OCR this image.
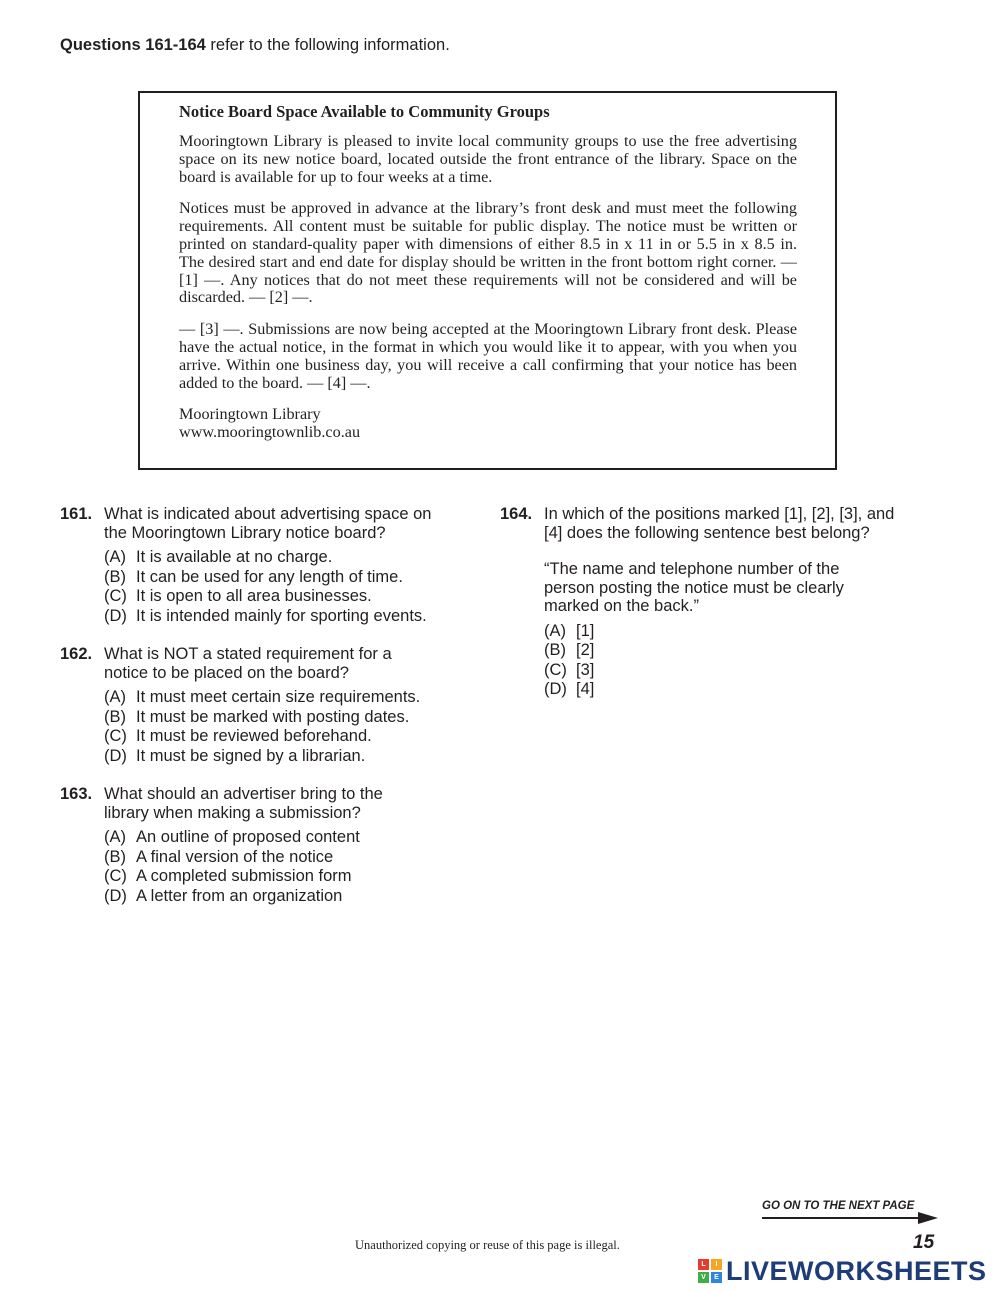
Questions 161-164 refer to the following information.
Notice Board Space Available to Community Groups

Mooringtown Library is pleased to invite local community groups to use the free advertising space on its new notice board, located outside the front entrance of the library. Space on the board is available for up to four weeks at a time.

Notices must be approved in advance at the library’s front desk and must meet the following requirements. All content must be suitable for public display. The notice must be written or printed on standard-quality paper with dimensions of either 8.5 in x 11 in or 5.5 in x 8.5 in. The desired start and end date for display should be written in the front bottom right corner. — [1] —. Any notices that do not meet these requirements will not be considered and will be discarded. — [2] —.

— [3] —. Submissions are now being accepted at the Mooringtown Library front desk. Please have the actual notice, in the format in which you would like it to appear, with you when you arrive. Within one business day, you will receive a call confirming that your notice has been added to the board. — [4] —.

Mooringtown Library

www.mooringtownlib.co.au

161. What is indicated about advertising space on the Mooringtown Library notice board?
(A) It is available at no charge.
(B) It can be used for any length of time.
(C) It is open to all area businesses.
(D) It is intended mainly for sporting events.
162. What is NOT a stated requirement for a notice to be placed on the board?
(A) It must meet certain size requirements.
(B) It must be marked with posting dates.
(C) It must be reviewed beforehand.
(D) It must be signed by a librarian.
163. What should an advertiser bring to the library when making a submission?
(A) An outline of proposed content
(B) A final version of the notice
(C) A completed submission form
(D) A letter from an organization
164. In which of the positions marked [1], [2], [3], and [4] does the following sentence best belong?
“The name and telephone number of the person posting the notice must be clearly marked on the back.”
(A) [1]
(B) [2]
(C) [3]
(D) [4]
GO ON TO THE NEXT PAGE
Unauthorized copying or reuse of this page is illegal.	15
L	I
V	E LIVEWORKSHEETS
